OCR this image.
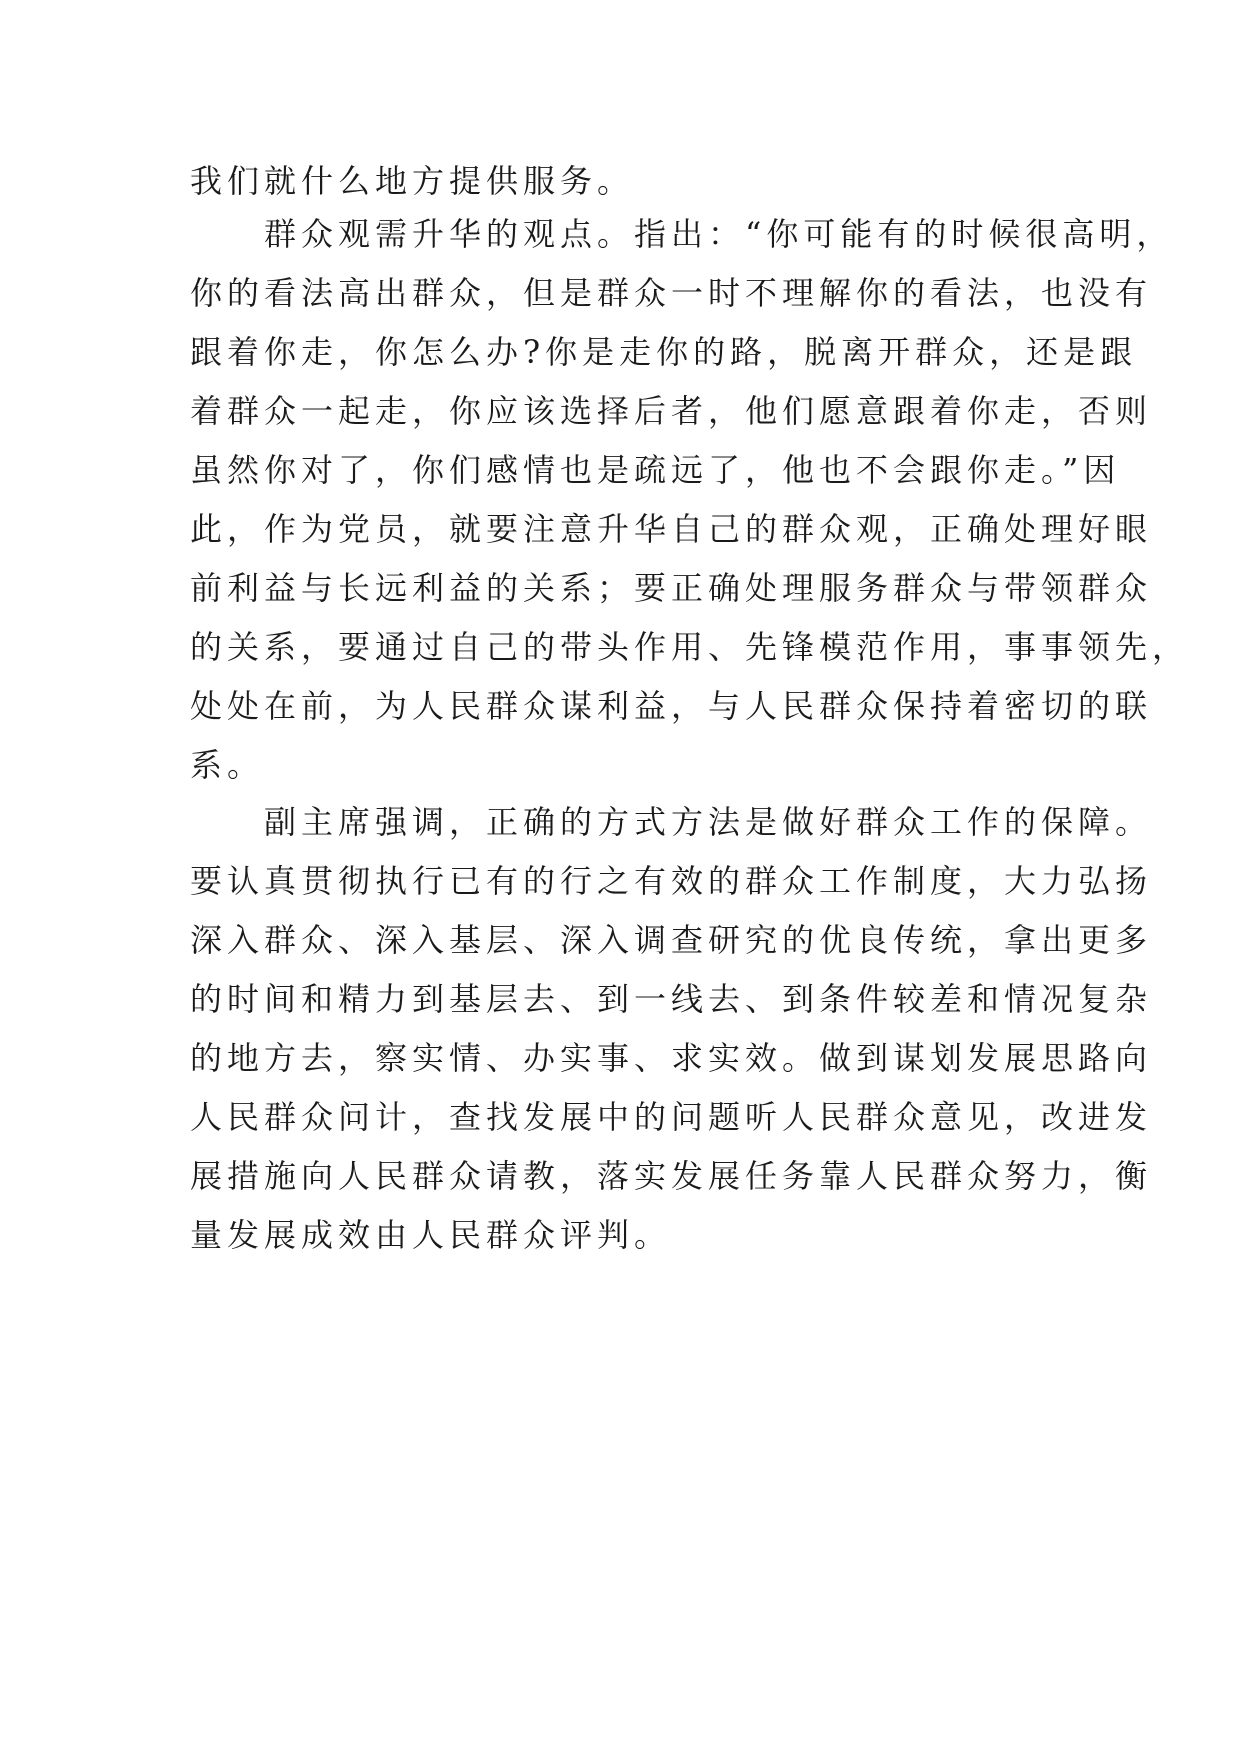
我们就什么地方提供服务。
群众观需升华的观点。指出：“你可能有的时候很高明，
你的看法高出群众，但是群众一时不理解你的看法，也没有
跟着你走，你怎么办?你是走你的路，脱离开群众，还是跟
着群众一起走，你应该选择后者，他们愿意跟着你走，否则
虽然你对了，你们感情也是疏远了，他也不会跟你走。”因
此，作为党员，就要注意升华自己的群众观，正确处理好眼
前利益与长远利益的关系；要正确处理服务群众与带领群众
的关系，要通过自己的带头作用、先锋模范作用，事事领先，
处处在前，为人民群众谋利益，与人民群众保持着密切的联
系。
副主席强调，正确的方式方法是做好群众工作的保障。
要认真贯彻执行已有的行之有效的群众工作制度，大力弘扬
深入群众、深入基层、深入调查研究的优良传统，拿出更多
的时间和精力到基层去、到一线去、到条件较差和情况复杂
的地方去，察实情、办实事、求实效。做到谋划发展思路向
人民群众问计，查找发展中的问题听人民群众意见，改进发
展措施向人民群众请教，落实发展任务靠人民群众努力，衡
量发展成效由人民群众评判。
